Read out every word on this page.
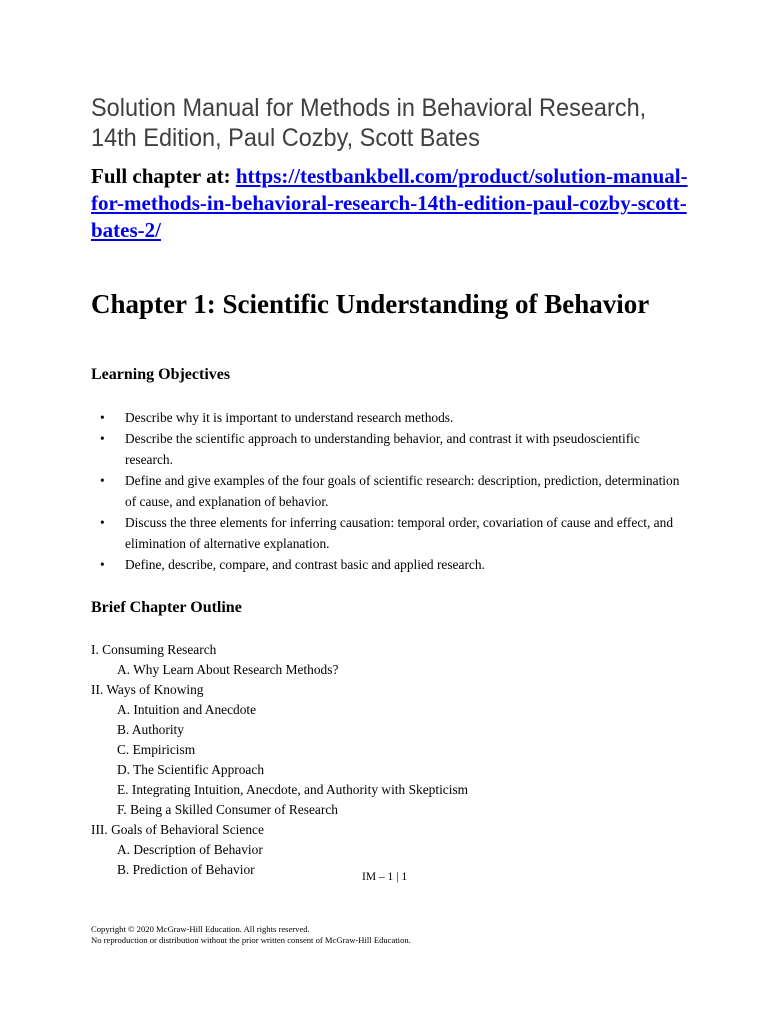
Solution Manual for Methods in Behavioral Research, 14th Edition, Paul Cozby, Scott Bates

Full chapter at: https://testbankbell.com/product/solution-manual-for-methods-in-behavioral-research-14th-edition-paul-cozby-scott-bates-2/

Chapter 1: Scientific Understanding of Behavior
Learning Objectives
• Describe why it is important to understand research methods.
• Describe the scientific approach to understanding behavior, and contrast it with pseudoscientific research.
• Define and give examples of the four goals of scientific research: description, prediction, determination of cause, and explanation of behavior.
• Discuss the three elements for inferring causation: temporal order, covariation of cause and effect, and elimination of alternative explanation.
• Define, describe, compare, and contrast basic and applied research.
Brief Chapter Outline
I. Consuming Research
A. Why Learn About Research Methods?
II. Ways of Knowing
A. Intuition and Anecdote
B. Authority
C. Empiricism
D. The Scientific Approach
E. Integrating Intuition, Anecdote, and Authority with Skepticism
F. Being a Skilled Consumer of Research
III. Goals of Behavioral Science
A. Description of Behavior
B. Prediction of Behavior	IM – 1 | 1

Copyright © 2020 McGraw-Hill Education. All rights reserved.
No reproduction or distribution without the prior written consent of McGraw-Hill Education.
